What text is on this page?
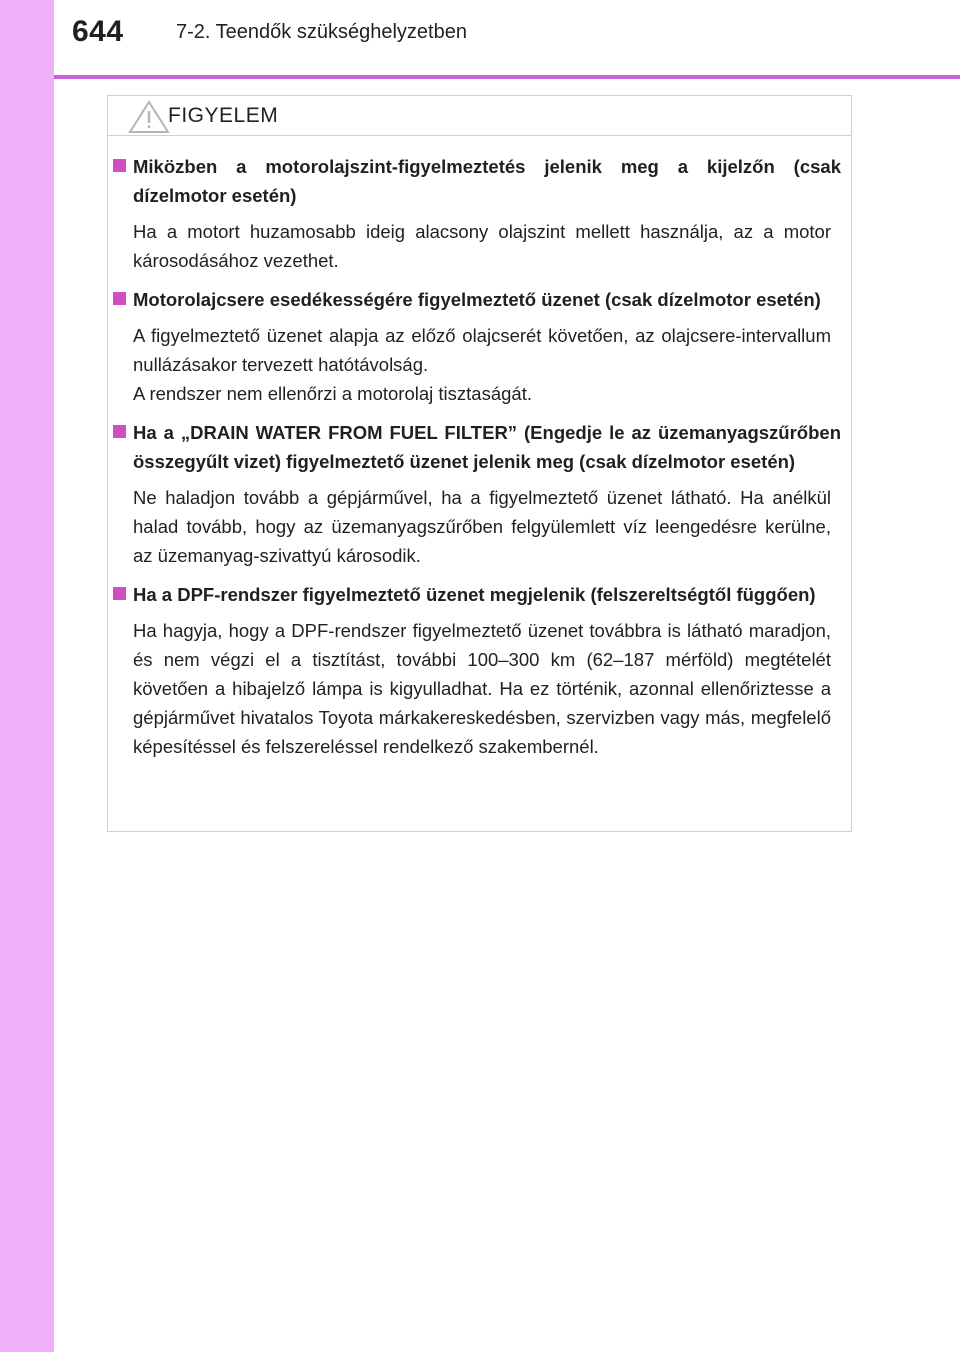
644	7-2. Teendők szükséghelyzetben
FIGYELEM
Miközben a motorolajszint-figyelmeztetés jelenik meg a kijelzőn (csak dízelmotor esetén)

Ha a motort huzamosabb ideig alacsony olajszint mellett használja, az a motor károsodásához vezethet.

Motorolajcsere esedékességére figyelmeztető üzenet (csak dízelmotor esetén)

A figyelmeztető üzenet alapja az előző olajcserét követően, az olajcsere-intervallum nullázásakor tervezett hatótávolság.

A rendszer nem ellenőrzi a motorolaj tisztaságát.

Ha a „DRAIN WATER FROM FUEL FILTER” (Engedje le az üzemanyagszűrőben összegyűlt vizet) figyelmeztető üzenet jelenik meg (csak dízelmotor esetén)

Ne haladjon tovább a gépjárművel, ha a figyelmeztető üzenet látható. Ha anélkül halad tovább, hogy az üzemanyagszűrőben felgyülemlett víz leengedésre kerülne, az üzemanyag-szivattyú károsodik.

Ha a DPF-rendszer figyelmeztető üzenet megjelenik (felszereltségtől függően)

Ha hagyja, hogy a DPF-rendszer figyelmeztető üzenet továbbra is látható maradjon, és nem végzi el a tisztítást, további 100–300 km (62–187 mérföld) megtételét követően a hibajelző lámpa is kigyulladhat. Ha ez történik, azonnal ellenőriztesse a gépjárművet hivatalos Toyota márkakereskedésben, szervizben vagy más, megfelelő képesítéssel és felszereléssel rendelkező szakembernél.
